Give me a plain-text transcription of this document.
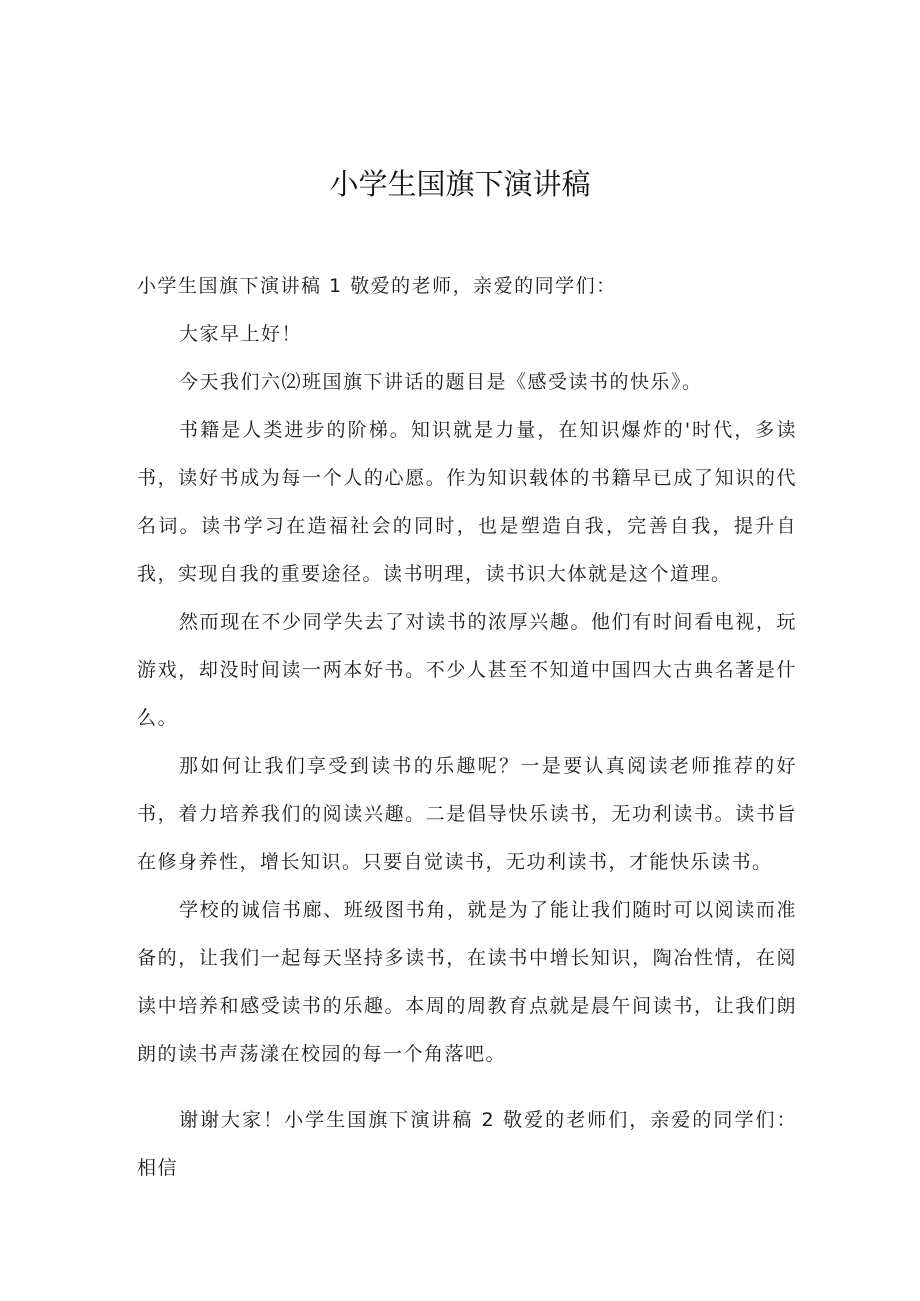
小学生国旗下演讲稿

小学生国旗下演讲稿 1 敬爱的老师，亲爱的同学们：

大家早上好！

今天我们六⑵班国旗下讲话的题目是《感受读书的快乐》。

书籍是人类进步的阶梯。知识就是力量，在知识爆炸的'时代，多读书，读好书成为每一个人的心愿。作为知识载体的书籍早已成了知识的代名词。读书学习在造福社会的同时，也是塑造自我，完善自我，提升自我，实现自我的重要途径。读书明理，读书识大体就是这个道理。

然而现在不少同学失去了对读书的浓厚兴趣。他们有时间看电视，玩游戏，却没时间读一两本好书。不少人甚至不知道中国四大古典名著是什么。

那如何让我们享受到读书的乐趣呢？一是要认真阅读老师推荐的好书，着力培养我们的阅读兴趣。二是倡导快乐读书，无功利读书。读书旨在修身养性，增长知识。只要自觉读书，无功利读书，才能快乐读书。

学校的诚信书廊、班级图书角，就是为了能让我们随时可以阅读而准备的，让我们一起每天坚持多读书，在读书中增长知识，陶冶性情，在阅读中培养和感受读书的乐趣。本周的周教育点就是晨午间读书，让我们朗朗的读书声荡漾在校园的每一个角落吧。

谢谢大家！小学生国旗下演讲稿 2 敬爱的老师们，亲爱的同学们：相信
